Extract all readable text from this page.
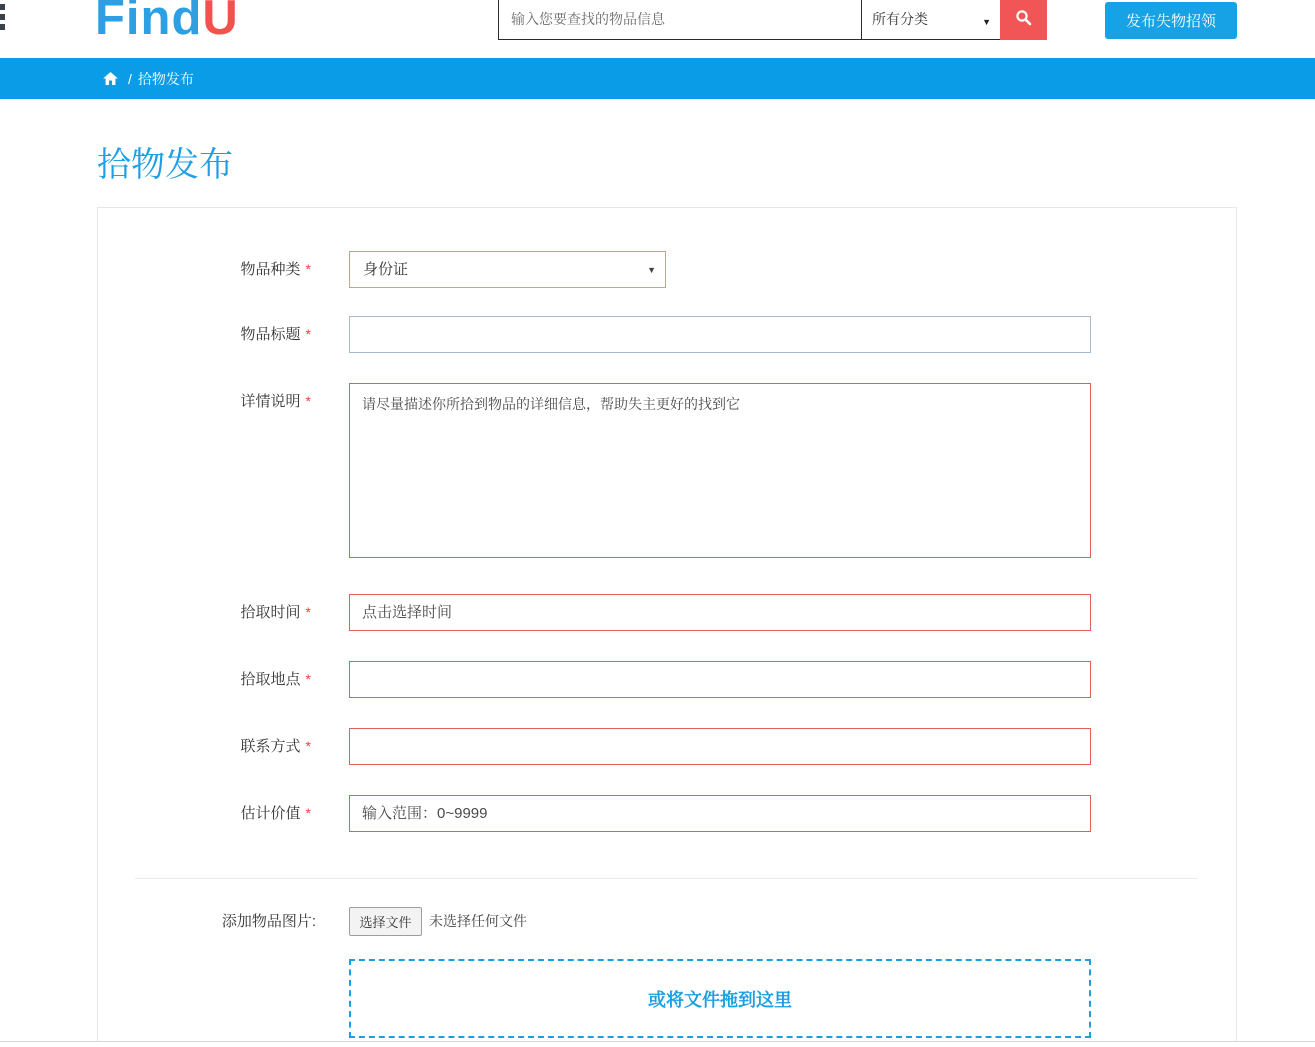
FindU
输入您要查找的物品信息
所有分类	▼	发布失物招领
/ 拾物发布
拾物发布
物品种类 *
身份证	▼
物品标题 *
详情说明 *
请尽量描述你所拾到物品的详细信息，帮助失主更好的找到它
拾取时间 *
点击选择时间
拾取地点 *
联系方式 *
估计价值 *
输入范围：0~9999
添加物品图片:	选择文件	未选择任何文件
或将文件拖到这里
